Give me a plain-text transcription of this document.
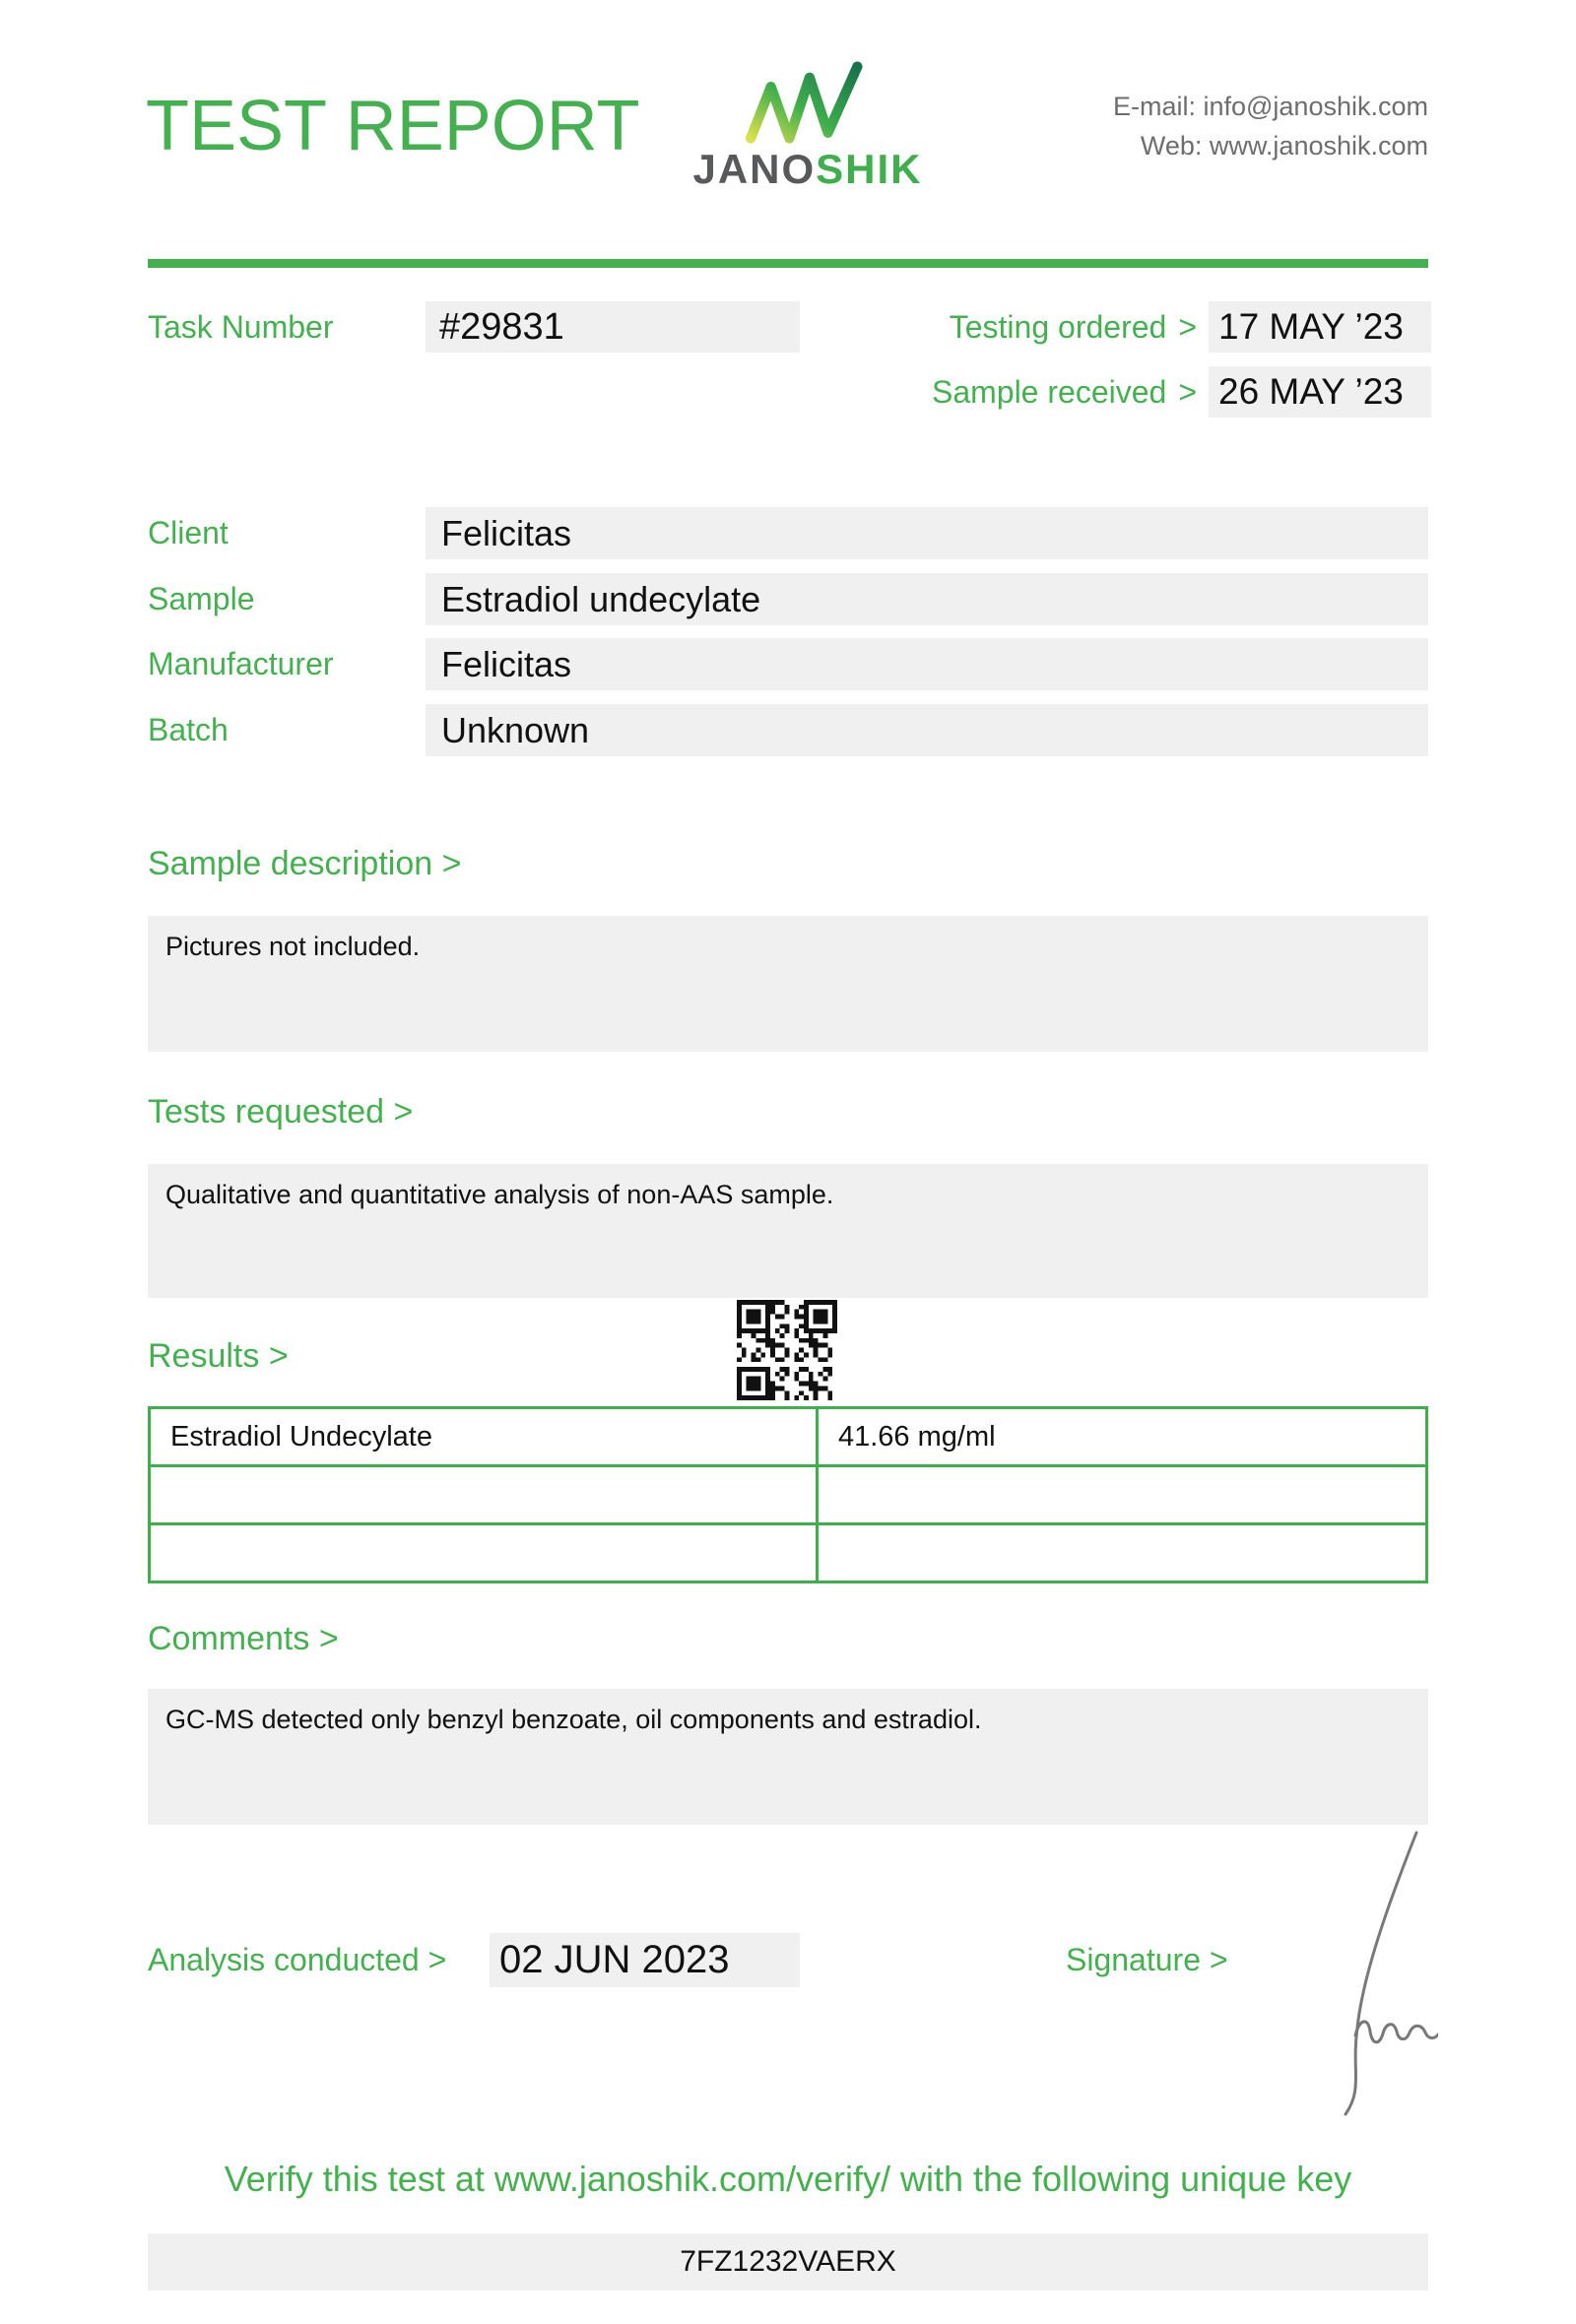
TEST REPORT
JANOSHIK
E-mail: info@janoshik.com
Web: www.janoshik.com
Task Number	#29831	Testing ordered > 17 MAY ’23
Sample received > 26 MAY ’23
Client	Felicitas
Sample	Estradiol undecylate
Manufacturer	Felicitas
Batch	Unknown
Sample description >
Pictures not included.
Tests requested >
Qualitative and quantitative analysis of non-AAS sample.
Results >
Estradiol Undecylate	41.66 mg/ml

Comments >
GC-MS detected only benzyl benzoate, oil components and estradiol.
Analysis conducted > 02 JUN 2023	Signature >
Verify this test at www.janoshik.com/verify/ with the following unique key
7FZ1232VAERX
